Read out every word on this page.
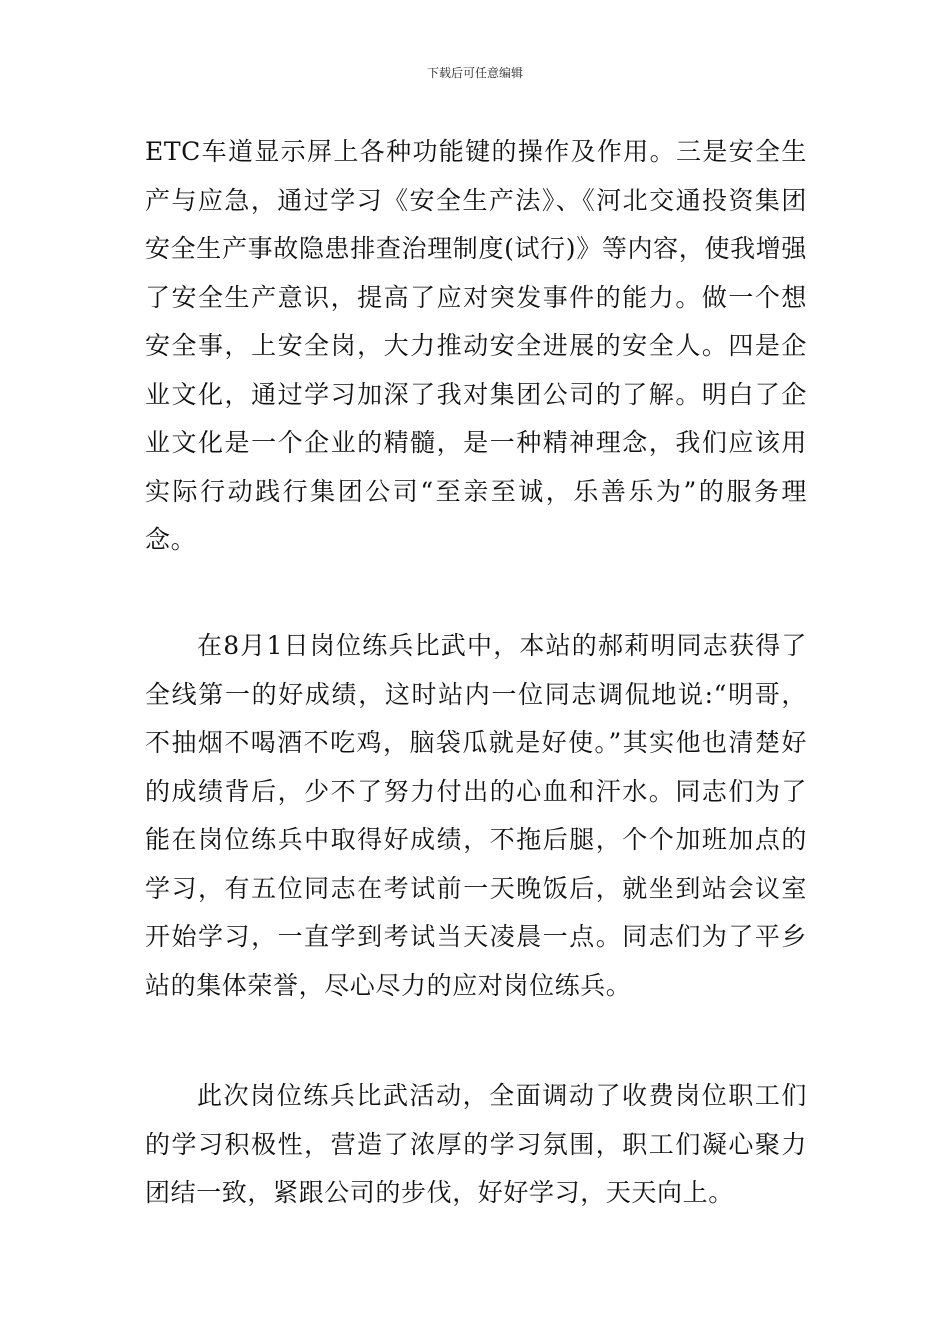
下载后可任意编辑

ETC车道显示屏上各种功能键的操作及作用。三是安全生产与应急，通过学习《安全生产法》、《河北交通投资集团安全生产事故隐患排查治理制度(试行)》等内容，使我增强了安全生产意识，提高了应对突发事件的能力。做一个想安全事，上安全岗，大力推动安全进展的安全人。四是企业文化，通过学习加深了我对集团公司的了解。明白了企业文化是一个企业的精髓，是一种精神理念，我们应该用实际行动践行集团公司“至亲至诚，乐善乐为”的服务理念。

在8月1日岗位练兵比武中，本站的郝莉明同志获得了全线第一的好成绩，这时站内一位同志调侃地说:“明哥，不抽烟不喝酒不吃鸡，脑袋瓜就是好使。”其实他也清楚好的成绩背后，少不了努力付出的心血和汗水。同志们为了能在岗位练兵中取得好成绩，不拖后腿，个个加班加点的学习，有五位同志在考试前一天晚饭后，就坐到站会议室开始学习，一直学到考试当天凌晨一点。同志们为了平乡站的集体荣誉，尽心尽力的应对岗位练兵。

此次岗位练兵比武活动，全面调动了收费岗位职工们的学习积极性，营造了浓厚的学习氛围，职工们凝心聚力团结一致，紧跟公司的步伐，好好学习，天天向上。
